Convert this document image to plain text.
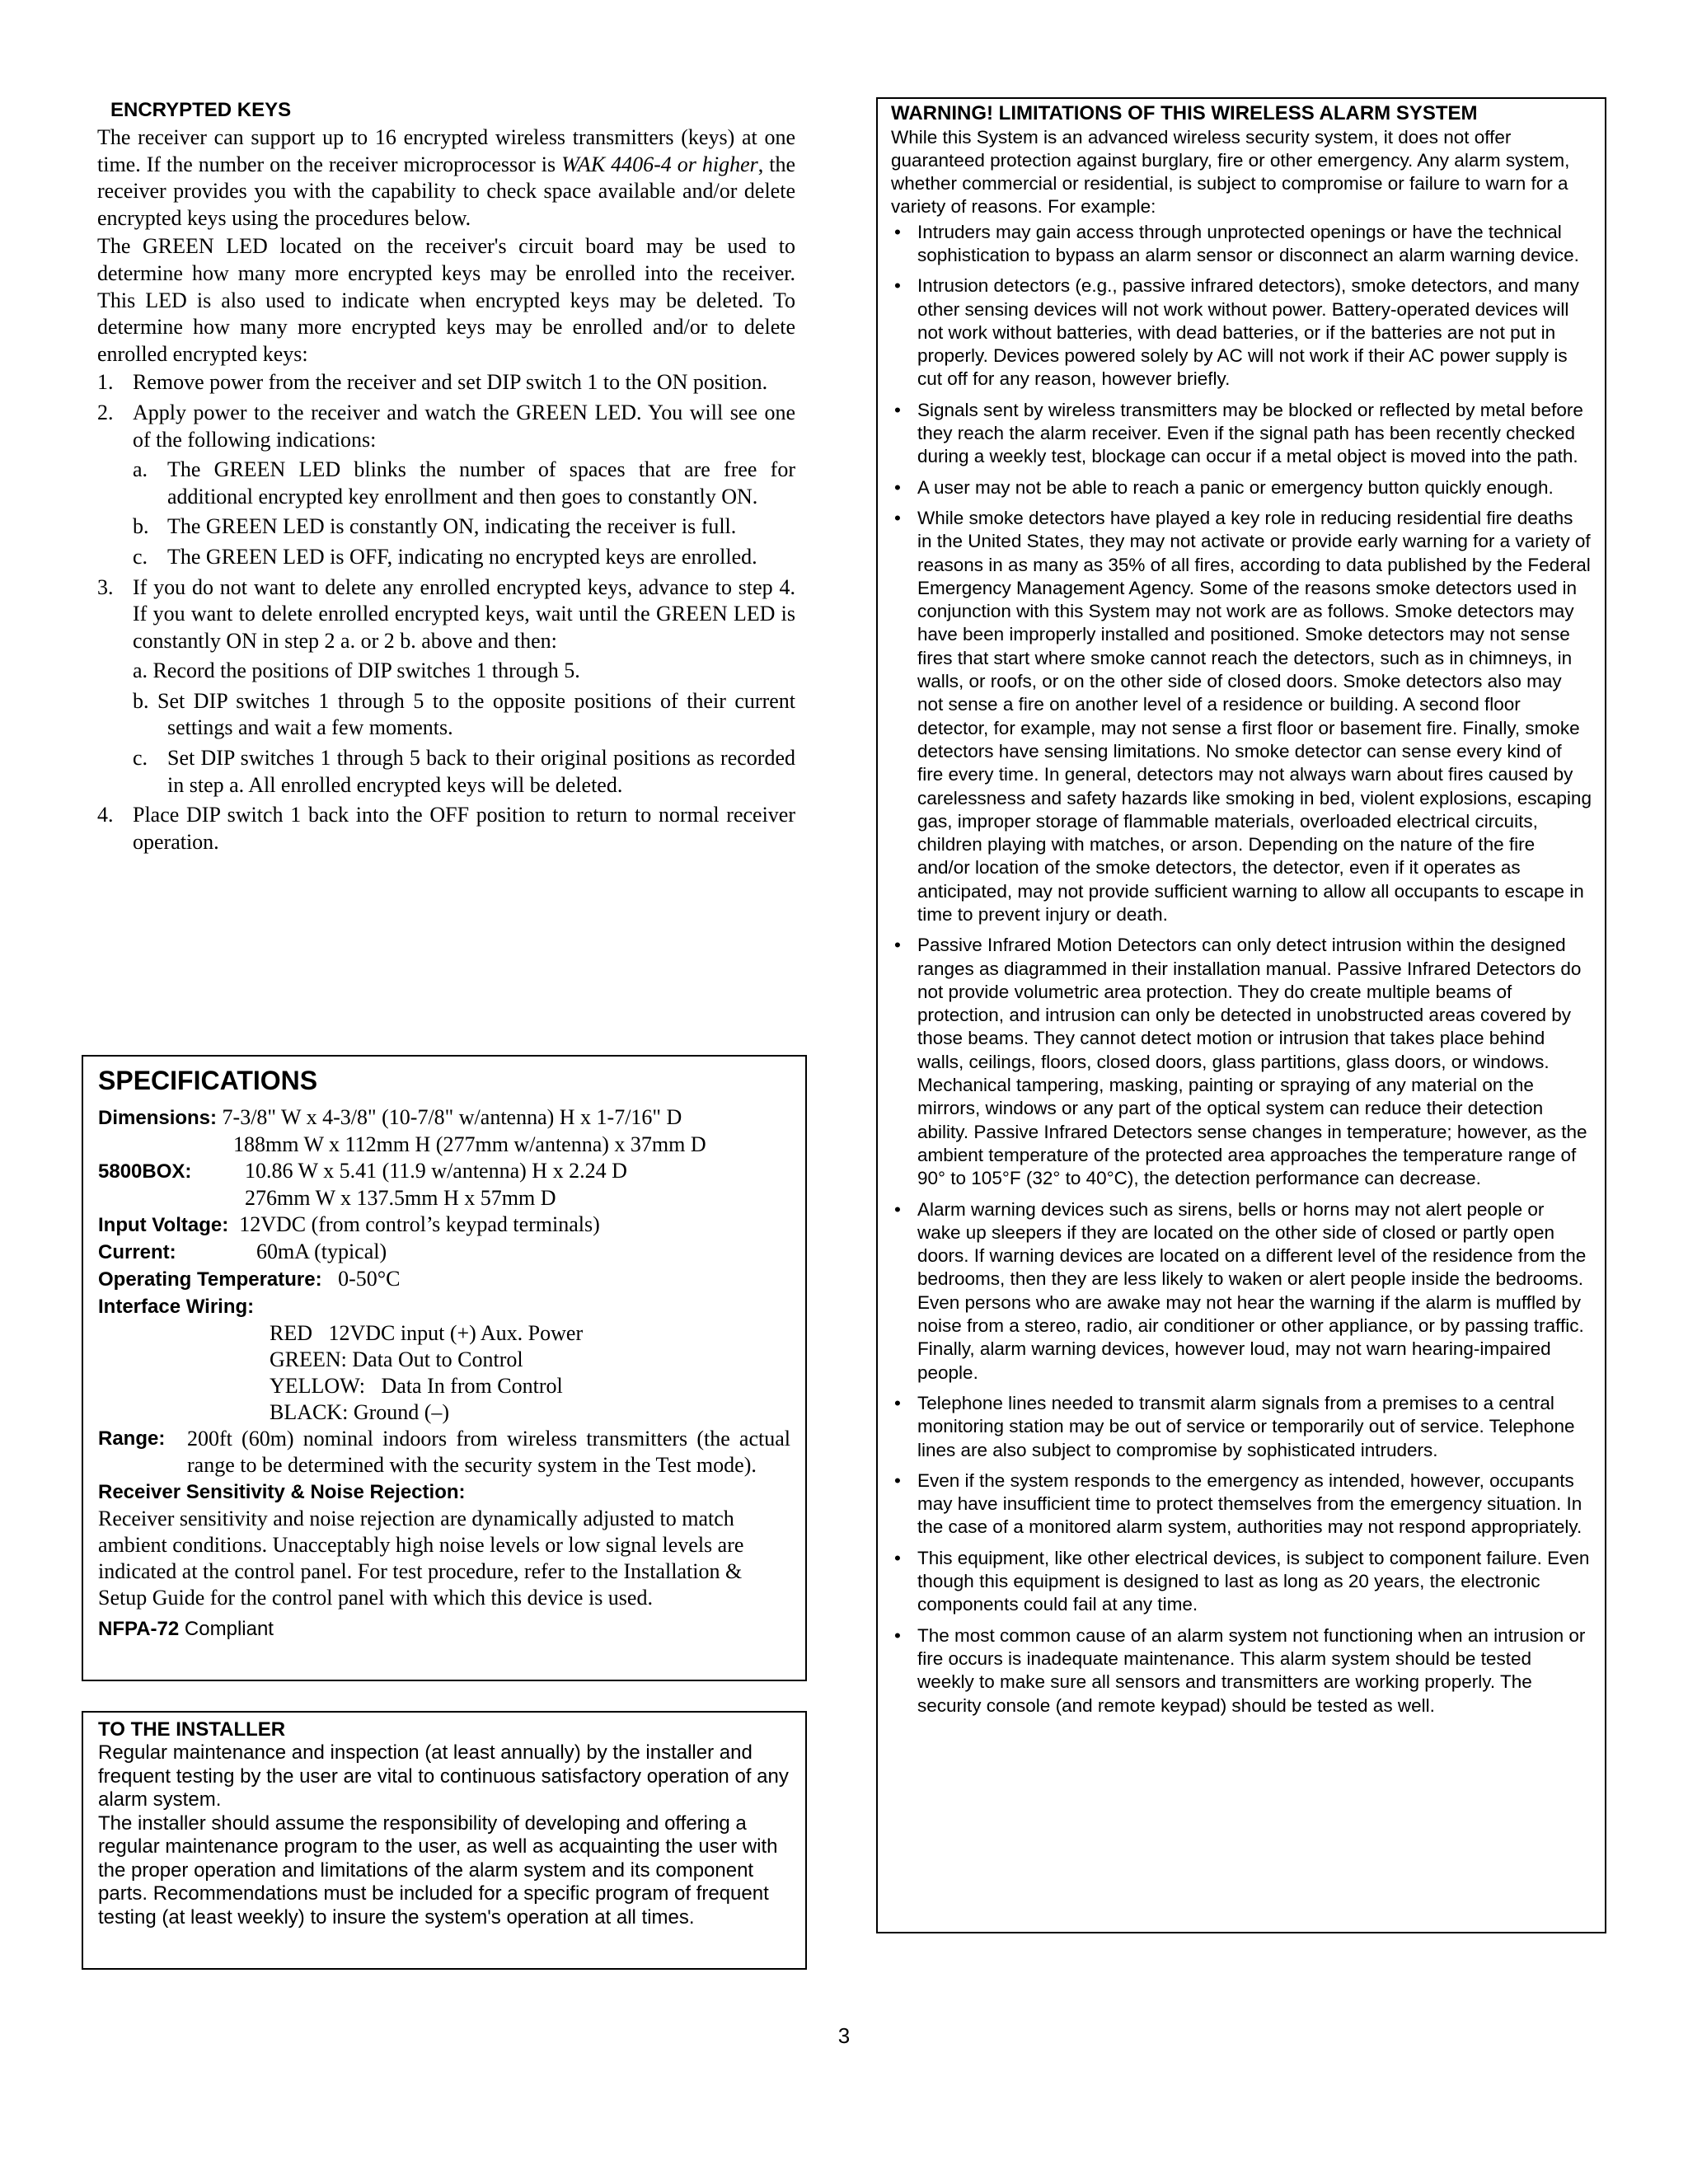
ENCRYPTED KEYS

The receiver can support up to 16 encrypted wireless transmitters (keys) at one time. If the number on the receiver microprocessor is WAK 4406-4 or higher, the receiver provides you with the capability to check space available and/or delete encrypted keys using the procedures below.

The GREEN LED located on the receiver's circuit board may be used to determine how many more encrypted keys may be enrolled into the receiver. This LED is also used to indicate when encrypted keys may be deleted. To determine how many more encrypted keys may be enrolled and/or to delete enrolled encrypted keys:

1. Remove power from the receiver and set DIP switch 1 to the ON position.
2. Apply power to the receiver and watch the GREEN LED. You will see one of the following indications:
a. The GREEN LED blinks the number of spaces that are free for additional encrypted key enrollment and then goes to constantly ON.
b. The GREEN LED is constantly ON, indicating the receiver is full.
c. The GREEN LED is OFF, indicating no encrypted keys are enrolled.
3. If you do not want to delete any enrolled encrypted keys, advance to step 4. If you want to delete enrolled encrypted keys, wait until the GREEN LED is constantly ON in step 2 a. or 2 b. above and then:
a. Record the positions of DIP switches 1 through 5.
b. Set DIP switches 1 through 5 to the opposite positions of their current settings and wait a few moments.
c. Set DIP switches 1 through 5 back to their original positions as recorded in step a. All enrolled encrypted keys will be deleted.
4. Place DIP switch 1 back into the OFF position to return to normal receiver operation.
SPECIFICATIONS
Dimensions: 7-3/8" W x 4-3/8" (10-7/8" w/antenna) H x 1-7/16" D
188mm W x 112mm H (277mm w/antenna) x 37mm D
5800BOX: 10.86 W x 5.41 (11.9 w/antenna) H x 2.24 D
276mm W x 137.5mm H x 57mm D
Input Voltage: 12VDC (from control’s keypad terminals)
Current:	60mA (typical)
Operating Temperature: 0-50°C
Interface Wiring:
RED   12VDC input (+) Aux. Power
GREEN: Data Out to Control
YELLOW:   Data In from Control
BLACK: Ground (–)
Range: 200ft (60m) nominal indoors from wireless transmitters (the actual range to be determined with the security system in the Test mode).
Receiver Sensitivity & Noise Rejection:
Receiver sensitivity and noise rejection are dynamically adjusted to match ambient conditions. Unacceptably high noise levels or low signal levels are indicated at the control panel. For test procedure, refer to the Installation & Setup Guide for the control panel with which this device is used.
NFPA-72 Compliant
TO THE INSTALLER
Regular maintenance and inspection (at least annually) by the installer and frequent testing by the user are vital to continuous satisfactory operation of any alarm system.
The installer should assume the responsibility of developing and offering a regular maintenance program to the user, as well as acquainting the user with the proper operation and limitations of the alarm system and its component parts. Recommendations must be included for a specific program of frequent testing (at least weekly) to insure the system's operation at all times.
WARNING! LIMITATIONS OF THIS WIRELESS ALARM SYSTEM
While this System is an advanced wireless security system, it does not offer guaranteed protection against burglary, fire or other emergency. Any alarm system, whether commercial or residential, is subject to compromise or failure to warn for a variety of reasons. For example:
• Intruders may gain access through unprotected openings or have the technical sophistication to bypass an alarm sensor or disconnect an alarm warning device.
• Intrusion detectors (e.g., passive infrared detectors), smoke detectors, and many other sensing devices will not work without power. Battery-operated devices will not work without batteries, with dead batteries, or if the batteries are not put in properly. Devices powered solely by AC will not work if their AC power supply is cut off for any reason, however briefly.
• Signals sent by wireless transmitters may be blocked or reflected by metal before they reach the alarm receiver. Even if the signal path has been recently checked during a weekly test, blockage can occur if a metal object is moved into the path.
• A user may not be able to reach a panic or emergency button quickly enough.
• While smoke detectors have played a key role in reducing residential fire deaths in the United States, they may not activate or provide early warning for a variety of reasons in as many as 35% of all fires, according to data published by the Federal Emergency Management Agency. Some of the reasons smoke detectors used in conjunction with this System may not work are as follows. Smoke detectors may have been improperly installed and positioned. Smoke detectors may not sense fires that start where smoke cannot reach the detectors, such as in chimneys, in walls, or roofs, or on the other side of closed doors. Smoke detectors also may not sense a fire on another level of a residence or building. A second floor detector, for example, may not sense a first floor or basement fire. Finally, smoke detectors have sensing limitations. No smoke detector can sense every kind of fire every time. In general, detectors may not always warn about fires caused by carelessness and safety hazards like smoking in bed, violent explosions, escaping gas, improper storage of flammable materials, overloaded electrical circuits, children playing with matches, or arson. Depending on the nature of the fire and/or location of the smoke detectors, the detector, even if it operates as anticipated, may not provide sufficient warning to allow all occupants to escape in time to prevent injury or death.
• Passive Infrared Motion Detectors can only detect intrusion within the designed ranges as diagrammed in their installation manual. Passive Infrared Detectors do not provide volumetric area protection. They do create multiple beams of protection, and intrusion can only be detected in unobstructed areas covered by those beams. They cannot detect motion or intrusion that takes place behind walls, ceilings, floors, closed doors, glass partitions, glass doors, or windows. Mechanical tampering, masking, painting or spraying of any material on the mirrors, windows or any part of the optical system can reduce their detection ability. Passive Infrared Detectors sense changes in temperature; however, as the ambient temperature of the protected area approaches the temperature range of 90° to 105°F (32° to 40°C), the detection performance can decrease.
• Alarm warning devices such as sirens, bells or horns may not alert people or wake up sleepers if they are located on the other side of closed or partly open doors. If warning devices are located on a different level of the residence from the bedrooms, then they are less likely to waken or alert people inside the bedrooms. Even persons who are awake may not hear the warning if the alarm is muffled by noise from a stereo, radio, air conditioner or other appliance, or by passing traffic. Finally, alarm warning devices, however loud, may not warn hearing-impaired people.
• Telephone lines needed to transmit alarm signals from a premises to a central monitoring station may be out of service or temporarily out of service. Telephone lines are also subject to compromise by sophisticated intruders.
• Even if the system responds to the emergency as intended, however, occupants may have insufficient time to protect themselves from the emergency situation. In the case of a monitored alarm system, authorities may not respond appropriately.
• This equipment, like other electrical devices, is subject to component failure. Even though this equipment is designed to last as long as 20 years, the electronic components could fail at any time.
• The most common cause of an alarm system not functioning when an intrusion or fire occurs is inadequate maintenance. This alarm system should be tested weekly to make sure all sensors and transmitters are working properly. The security console (and remote keypad) should be tested as well.
3
